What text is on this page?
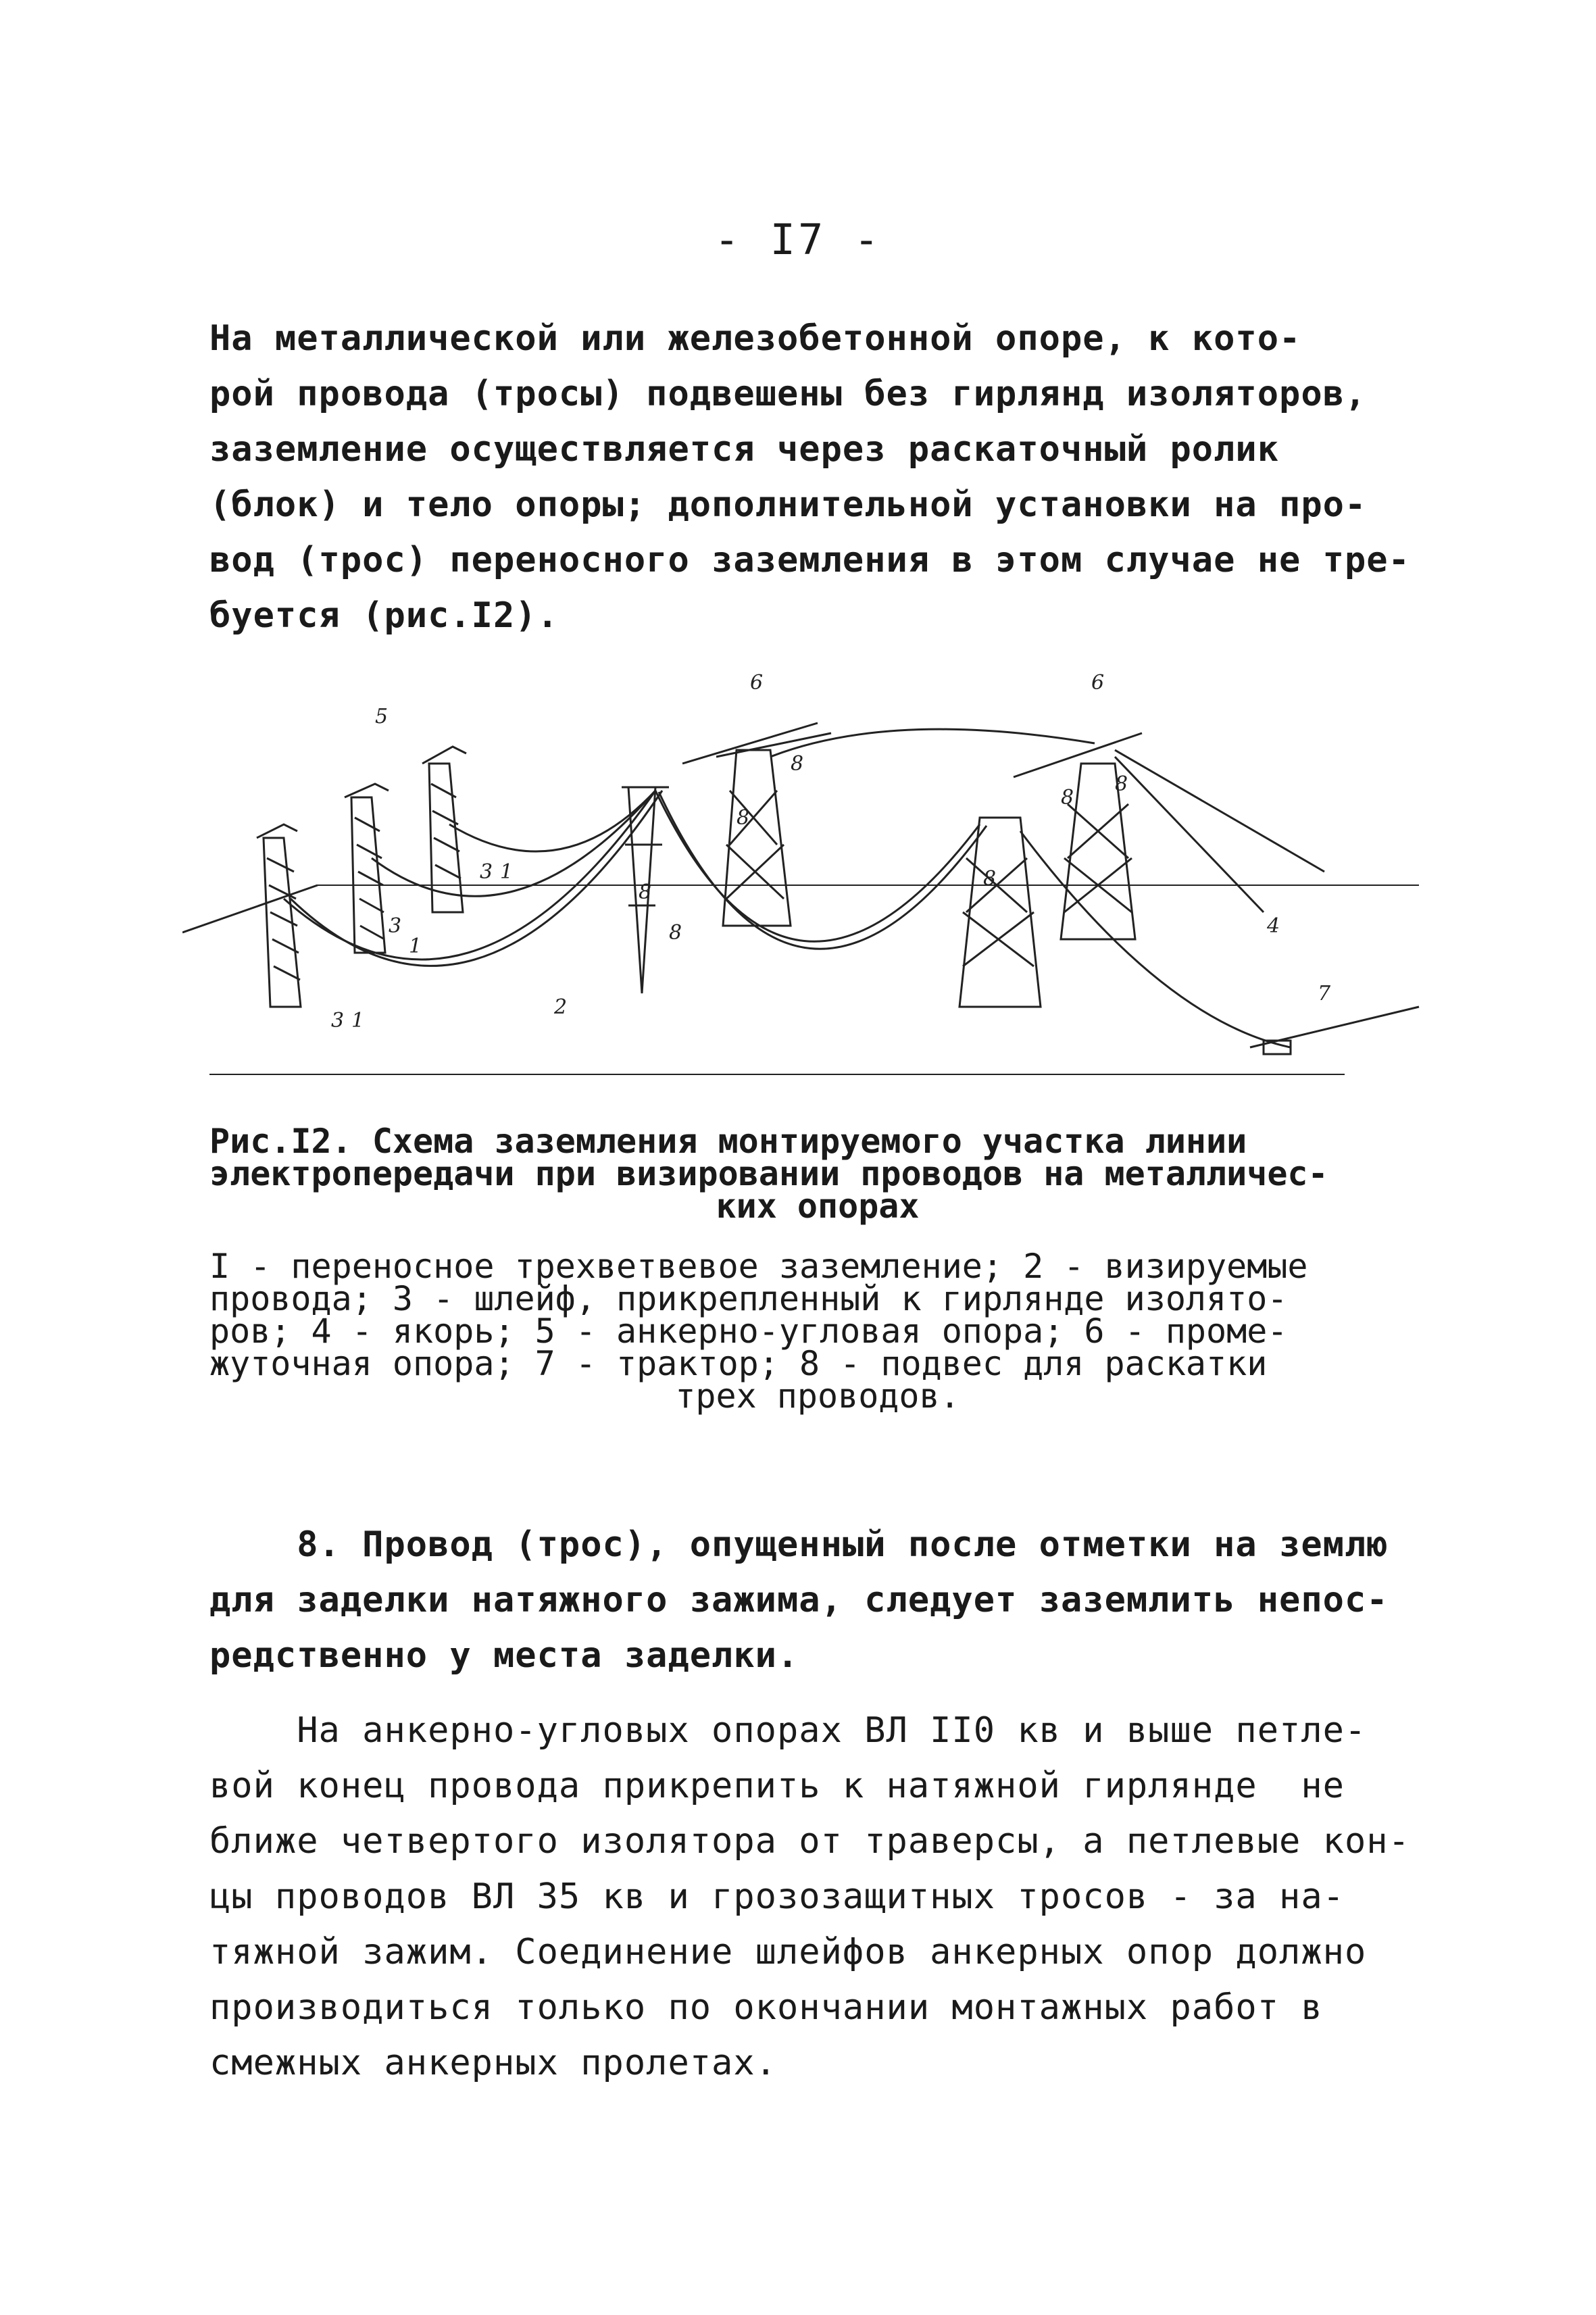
- I7 -
На металлической или железобетонной опоре, к кото-
рой провода (тросы) подвешены без гирлянд изоляторов,
заземление осуществляется через раскаточный ролик
(блок) и тело опоры; дополнительной установки на про-
вод (трос) переносного заземления в этом случае не тре-
буется (рис.I2).
5
6	6
8
8
8
8
8
8
8
3 1
3
1
3 1
2
4
7
Рис.I2. Схема заземления монтируемого участка линии
электропередачи при визировании проводов на металличес-
ких опорах
I - переносное трехветвевое заземление; 2 - визируемые
провода; 3 - шлейф, прикрепленный к гирлянде изолято-
ров; 4 - якорь; 5 - анкерно-угловая опора; 6 - проме-
жуточная опора; 7 - трактор; 8 - подвес для раскатки
трех проводов.
8. Провод (трос), опущенный после отметки на землю
для заделки натяжного зажима, следует заземлить непос-
редственно у места заделки.
На анкерно-угловых опорах ВЛ II0 кв и выше петле-
вой конец провода прикрепить к натяжной гирлянде  не
ближе четвертого изолятора от траверсы, а петлевые кон-
цы проводов ВЛ 35 кв и грозозащитных тросов - за на-
тяжной зажим. Соединение шлейфов анкерных опор должно
производиться только по окончании монтажных работ в
смежных анкерных пролетах.
